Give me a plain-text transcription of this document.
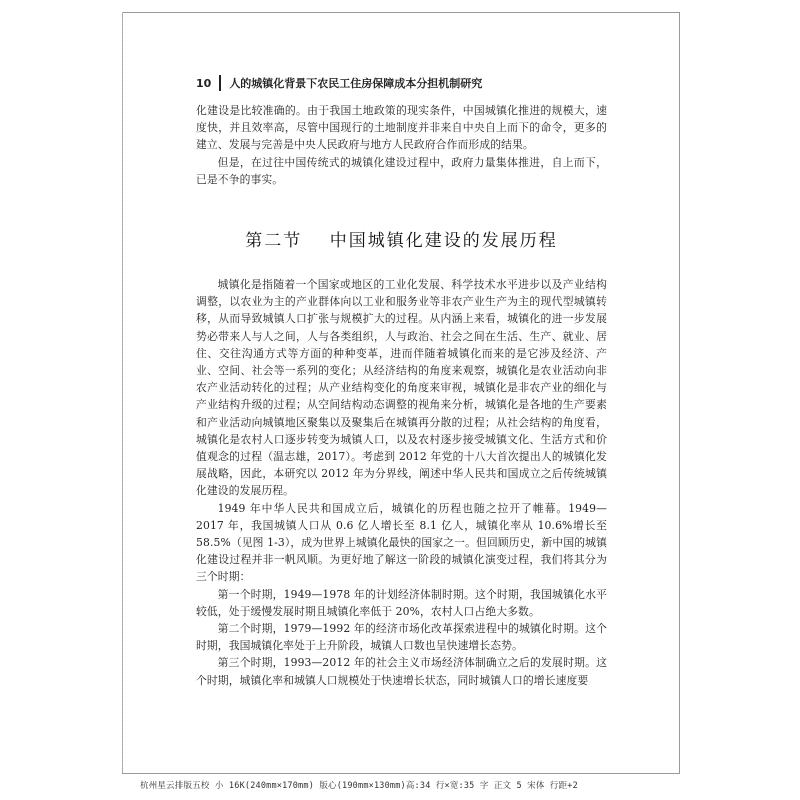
10 人的城镇化背景下农民工住房保障成本分担机制研究

化建设是比较准确的。由于我国土地政策的现实条件，中国城镇化推进的规模大，速度快，并且效率高，尽管中国现行的土地制度并非来自中央自上而下的命令，更多的建立、发展与完善是中央人民政府与地方人民政府合作而形成的结果。

但是，在过往中国传统式的城镇化建设过程中，政府力量集体推进，自上而下，已是不争的事实。

第二节 中国城镇化建设的发展历程

城镇化是指随着一个国家或地区的工业化发展、科学技术水平进步以及产业结构调整，以农业为主的产业群体向以工业和服务业等非农产业生产为主的现代型城镇转移，从而导致城镇人口扩张与规模扩大的过程。从内涵上来看，城镇化的进一步发展势必带来人与人之间，人与各类组织，人与政治、社会之间在生活、生产、就业、居住、交往沟通方式等方面的种种变革，进而伴随着城镇化而来的是它涉及经济、产业、空间、社会等一系列的变化；从经济结构的角度来观察，城镇化是农业活动向非农产业活动转化的过程；从产业结构变化的角度来审视，城镇化是非农产业的细化与产业结构升级的过程；从空间结构动态调整的视角来分析，城镇化是各地的生产要素和产业活动向城镇地区聚集以及聚集后在城镇再分散的过程；从社会结构的角度看，城镇化是农村人口逐步转变为城镇人口，以及农村逐步接受城镇文化、生活方式和价值观念的过程（温志雄，2017）。考虑到 2012 年党的十八大首次提出人的城镇化发展战略，因此，本研究以 2012 年为分界线，阐述中华人民共和国成立之后传统城镇化建设的发展历程。

1949 年中华人民共和国成立后，城镇化的历程也随之拉开了帷幕。1949—2017 年，我国城镇人口从 0.6 亿人增长至 8.1 亿人，城镇化率从 10.6%增长至 58.5%（见图 1-3），成为世界上城镇化最快的国家之一。但回顾历史，新中国的城镇化建设过程并非一帆风顺。为更好地了解这一阶段的城镇化演变过程，我们将其分为三个时期：

第一个时期，1949—1978 年的计划经济体制时期。这个时期，我国城镇化水平较低，处于缓慢发展时期且城镇化率低于 20%，农村人口占绝大多数。

第二个时期，1979—1992 年的经济市场化改革探索进程中的城镇化时期。这个时期，我国城镇化率处于上升阶段，城镇人口数也呈快速增长态势。

第三个时期，1993—2012 年的社会主义市场经济体制确立之后的发展时期。这个时期，城镇化率和城镇人口规模处于快速增长状态，同时城镇人口的增长速度要

杭州星云排版五校 小 16K(240mm×170mm) 版心(190mm×130mm)高:34 行×宽:35 字 正文 5 宋体 行距+2
